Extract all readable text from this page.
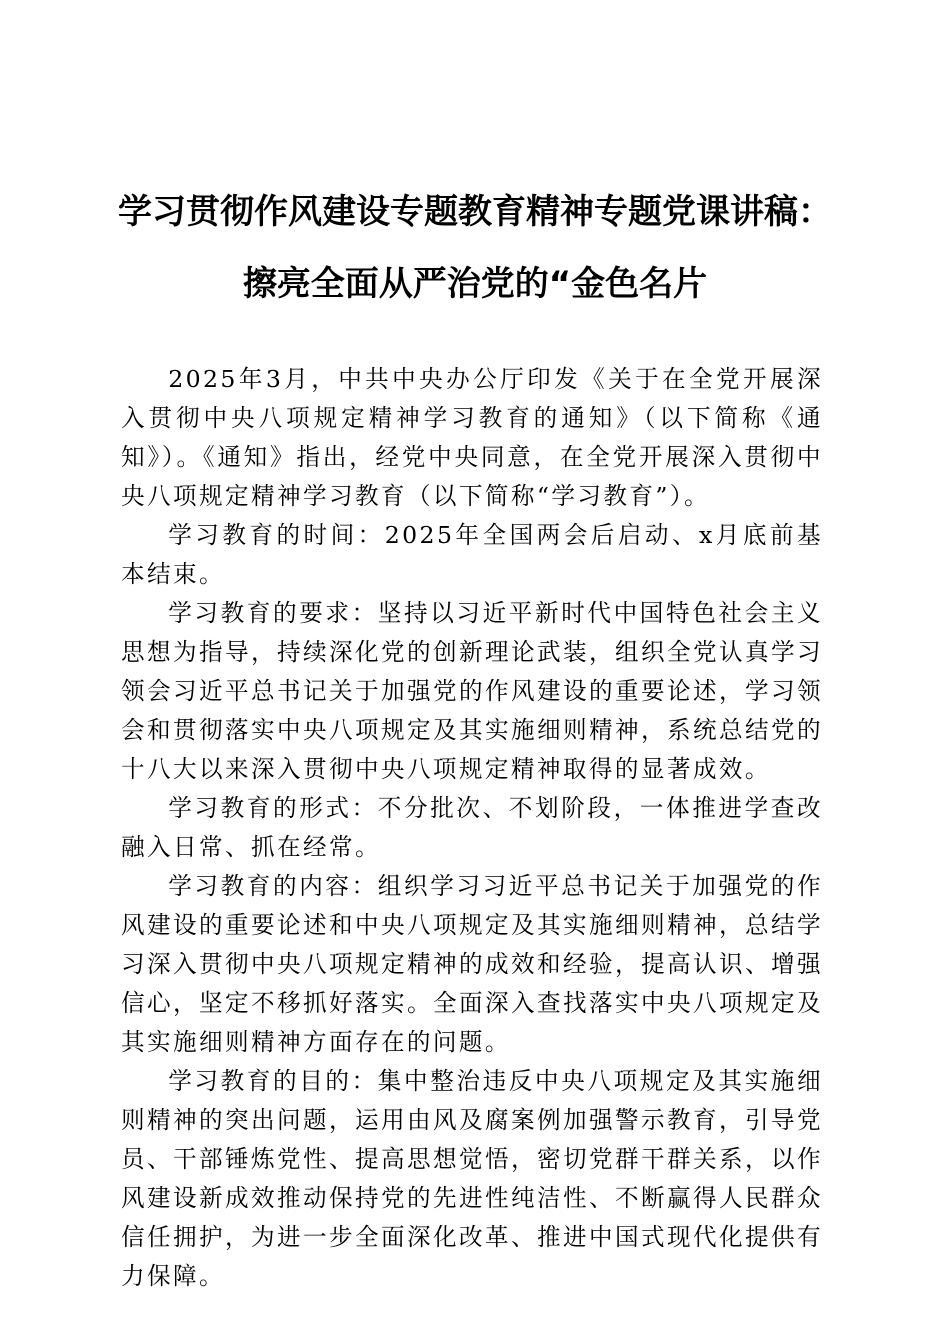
学习贯彻作风建设专题教育精神专题党课讲稿：

擦亮全面从严治党的“金色名片

2025年3月，中共中央办公厅印发《关于在全党开展深入贯彻中央八项规定精神学习教育的通知》（以下简称《通知》）。《通知》指出，经党中央同意，在全党开展深入贯彻中央八项规定精神学习教育（以下简称“学习教育”）。

学习教育的时间：2025年全国两会后启动、x月底前基本结束。

学习教育的要求：坚持以习近平新时代中国特色社会主义思想为指导，持续深化党的创新理论武装，组织全党认真学习领会习近平总书记关于加强党的作风建设的重要论述，学习领会和贯彻落实中央八项规定及其实施细则精神，系统总结党的十八大以来深入贯彻中央八项规定精神取得的显著成效。

学习教育的形式：不分批次、不划阶段，一体推进学查改融入日常、抓在经常。

学习教育的内容：组织学习习近平总书记关于加强党的作风建设的重要论述和中央八项规定及其实施细则精神，总结学习深入贯彻中央八项规定精神的成效和经验，提高认识、增强信心，坚定不移抓好落实。全面深入查找落实中央八项规定及其实施细则精神方面存在的问题。

学习教育的目的：集中整治违反中央八项规定及其实施细则精神的突出问题，运用由风及腐案例加强警示教育，引导党员、干部锤炼党性、提高思想觉悟，密切党群干群关系，以作风建设新成效推动保持党的先进性纯洁性、不断赢得人民群众信任拥护，为进一步全面深化改革、推进中国式现代化提供有力保障。
